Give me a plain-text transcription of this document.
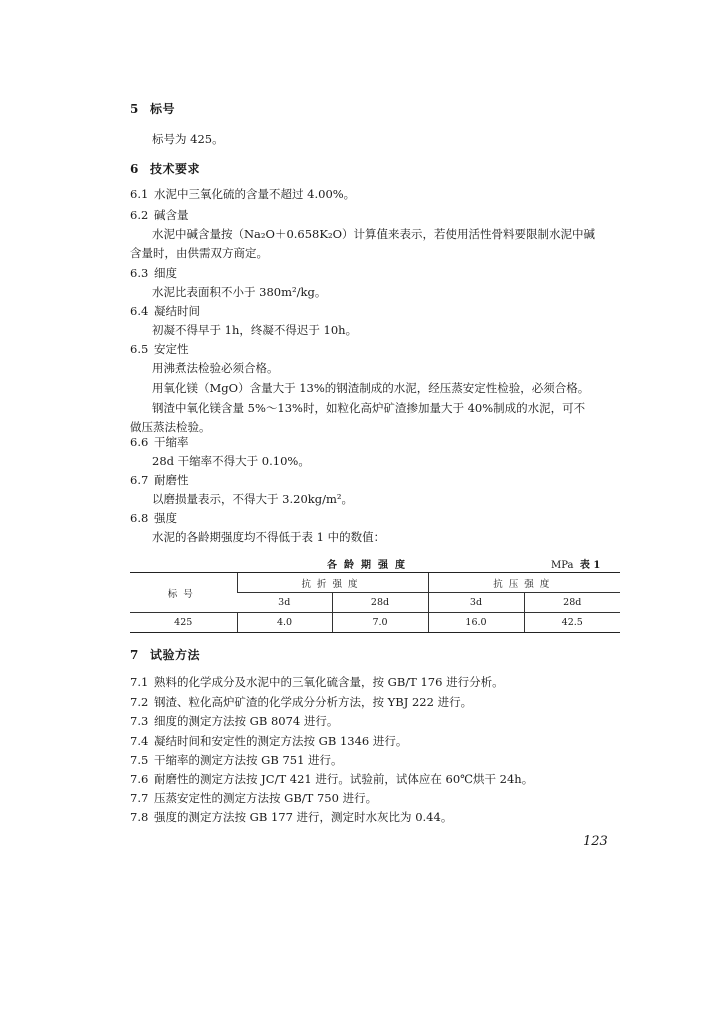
5 标号
标号为 425。
6 技术要求
6.1 水泥中三氧化硫的含量不超过 4.00%。
6.2 碱含量
水泥中碱含量按（Na₂O＋0.658K₂O）计算值来表示，若使用活性骨料要限制水泥中碱
含量时，由供需双方商定。
6.3 细度
水泥比表面积不小于 380m²/kg。
6.4 凝结时间
初凝不得早于 1h，终凝不得迟于 10h。
6.5 安定性
用沸煮法检验必须合格。
用氧化镁（MgO）含量大于 13%的钢渣制成的水泥，经压蒸安定性检验，必须合格。
钢渣中氧化镁含量 5%～13%时，如粒化高炉矿渣掺加量大于 40%制成的水泥，可不
做压蒸法检验。
6.6 干缩率
28d 干缩率不得大于 0.10%。
6.7 耐磨性
以磨损量表示，不得大于 3.20kg/m²。
6.8 强度
水泥的各龄期强度均不得低于表 1 中的数值：
各龄期强度	MPa 表 1
标号	抗折强度		抗压强度	
	3d	28d	3d	28d
425	4.0	7.0	16.0	42.5
7 试验方法
7.1 熟料的化学成分及水泥中的三氧化硫含量，按 GB/T 176 进行分析。
7.2 钢渣、粒化高炉矿渣的化学成分分析方法，按 YBJ 222 进行。
7.3 细度的测定方法按 GB 8074 进行。
7.4 凝结时间和安定性的测定方法按 GB 1346 进行。
7.5 干缩率的测定方法按 GB 751 进行。
7.6 耐磨性的测定方法按 JC/T 421 进行。试验前，试体应在 60℃烘干 24h。
7.7 压蒸安定性的测定方法按 GB/T 750 进行。
7.8 强度的测定方法按 GB 177 进行，测定时水灰比为 0.44。
123
